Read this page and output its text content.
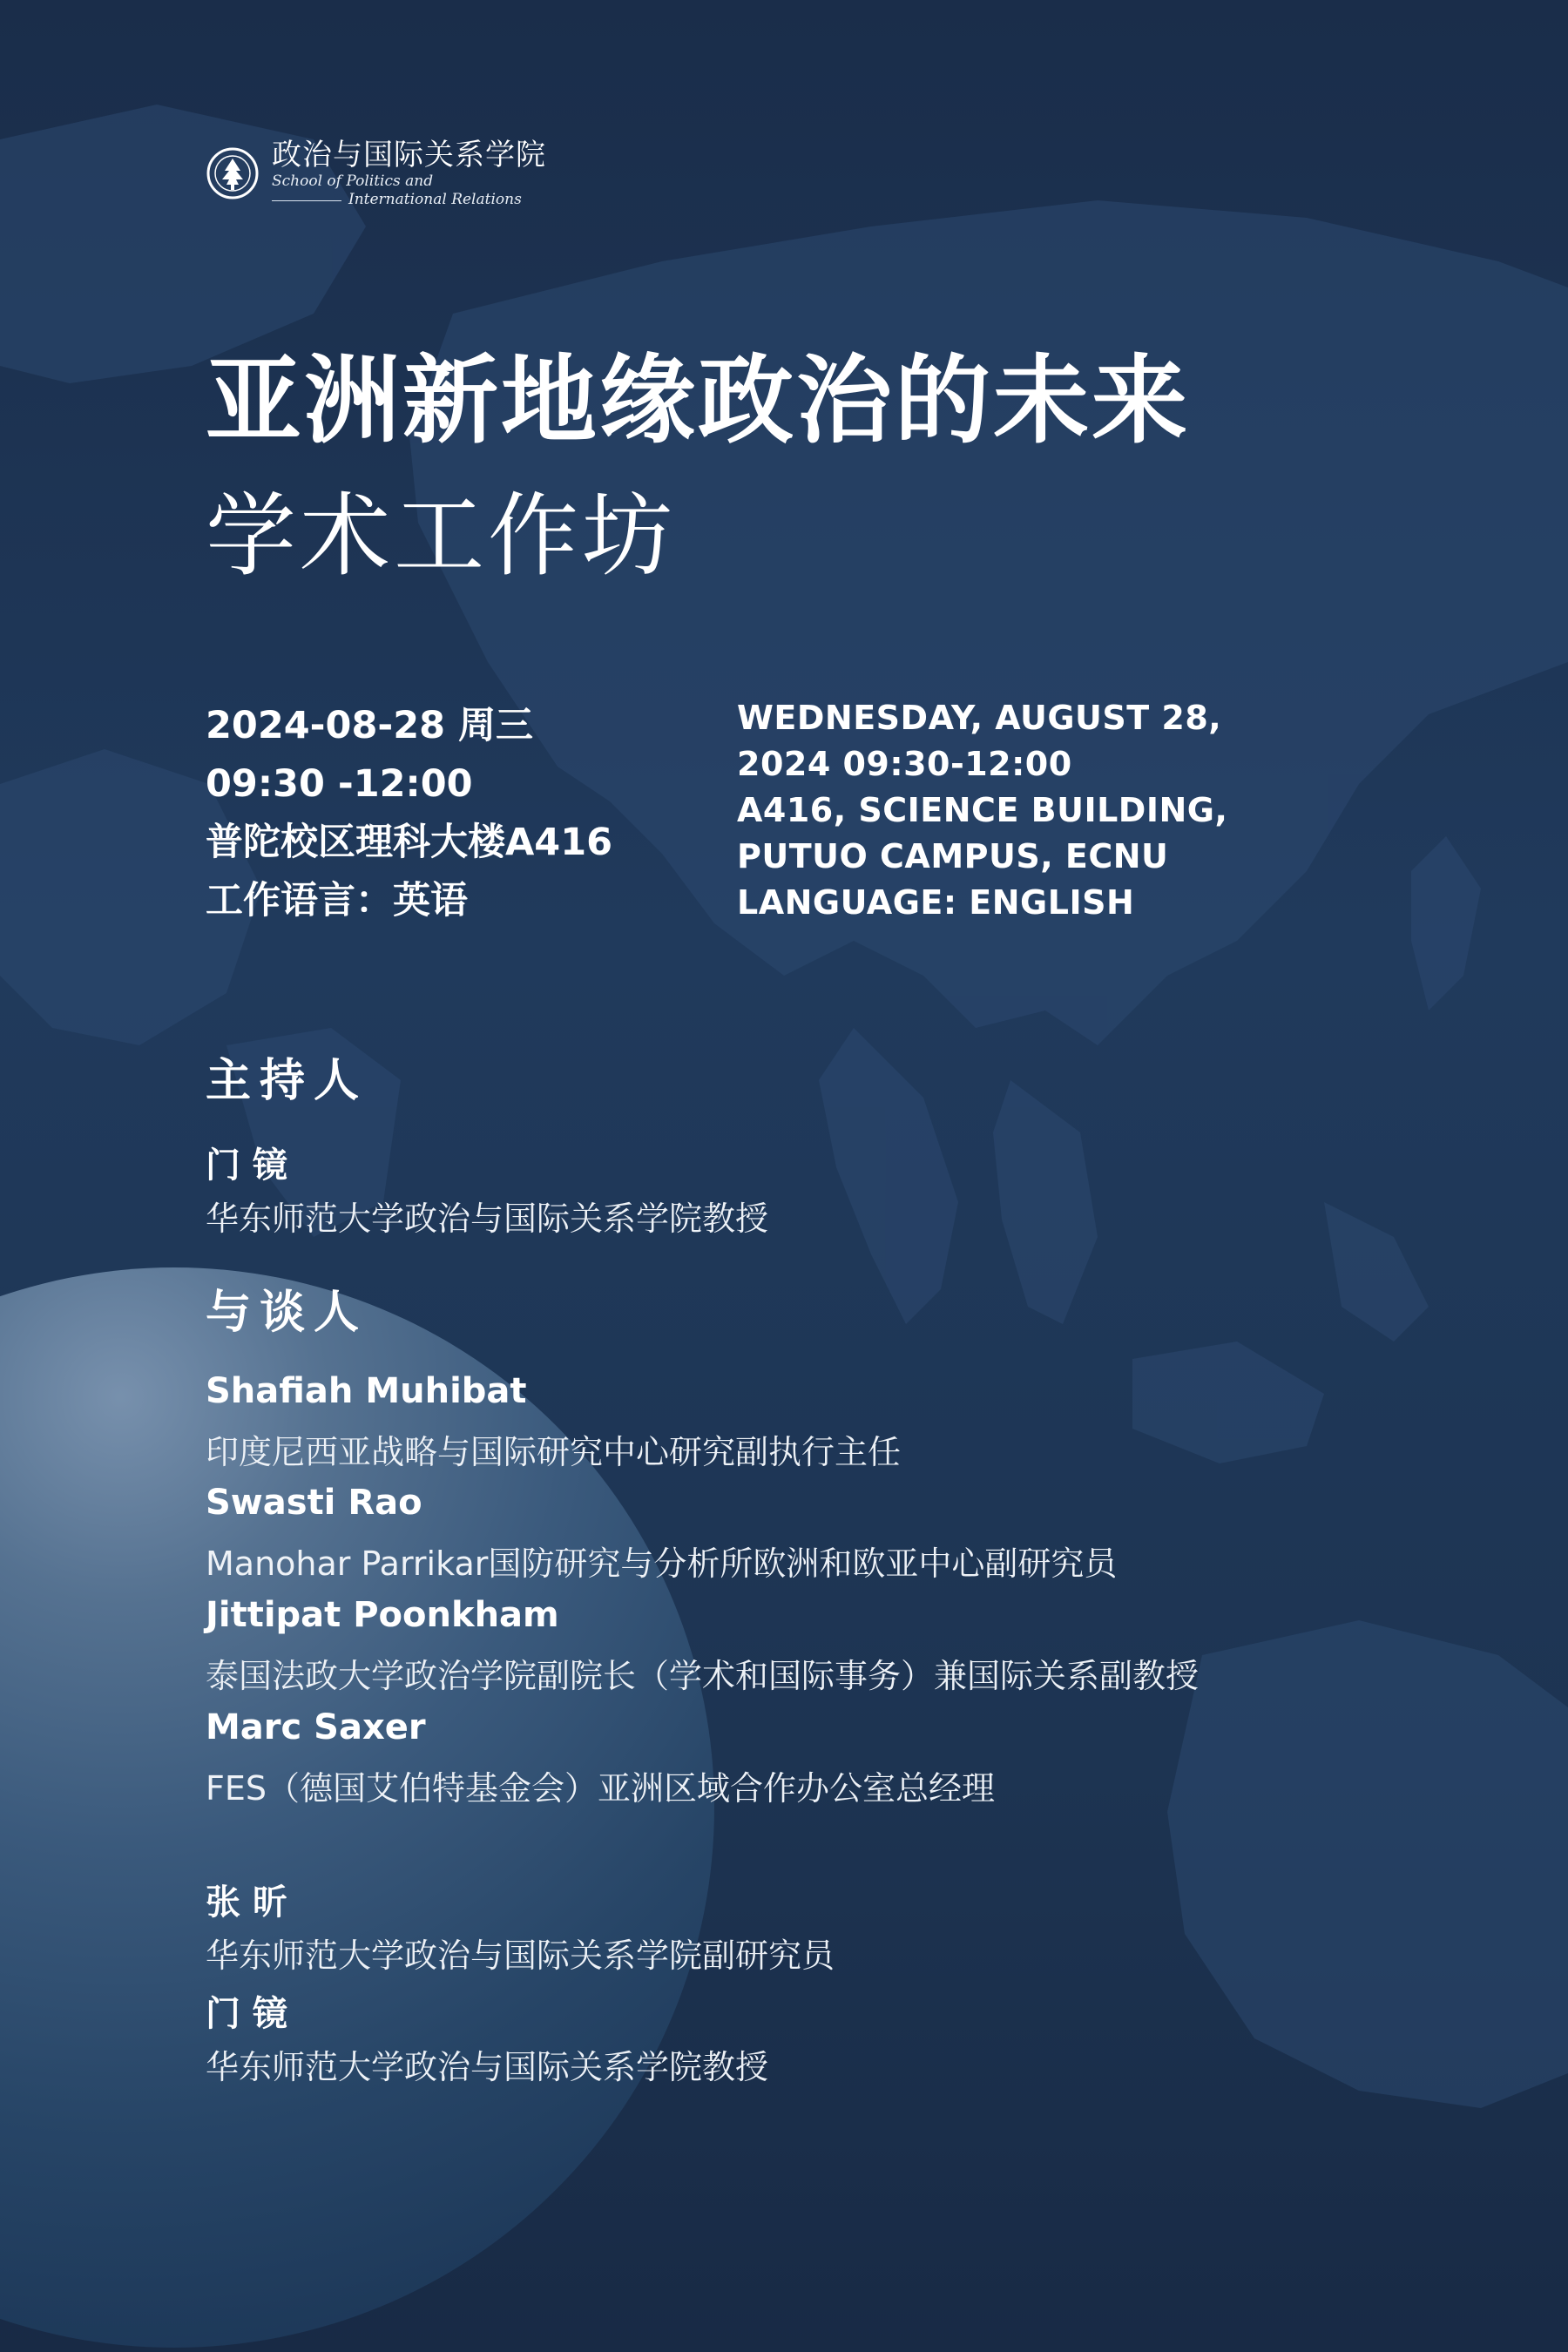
政治与国际关系学院
School of Politics and
International Relations
亚洲新地缘政治的未来
学术工作坊
2024-08-28 周三
09:30 -12:00
普陀校区理科大楼A416
工作语言：英语
WEDNESDAY, AUGUST 28,
2024 09:30-12:00
A416, SCIENCE BUILDING,
PUTUO CAMPUS, ECNU
LANGUAGE: ENGLISH
主持人
门 镜
华东师范大学政治与国际关系学院教授
与谈人
Shafiah Muhibat
印度尼西亚战略与国际研究中心研究副执行主任
Swasti Rao
Manohar Parrikar国防研究与分析所欧洲和欧亚中心副研究员
Jittipat Poonkham
泰国法政大学政治学院副院长（学术和国际事务）兼国际关系副教授
Marc Saxer
FES（德国艾伯特基金会）亚洲区域合作办公室总经理
张 昕
华东师范大学政治与国际关系学院副研究员
门 镜
华东师范大学政治与国际关系学院教授
